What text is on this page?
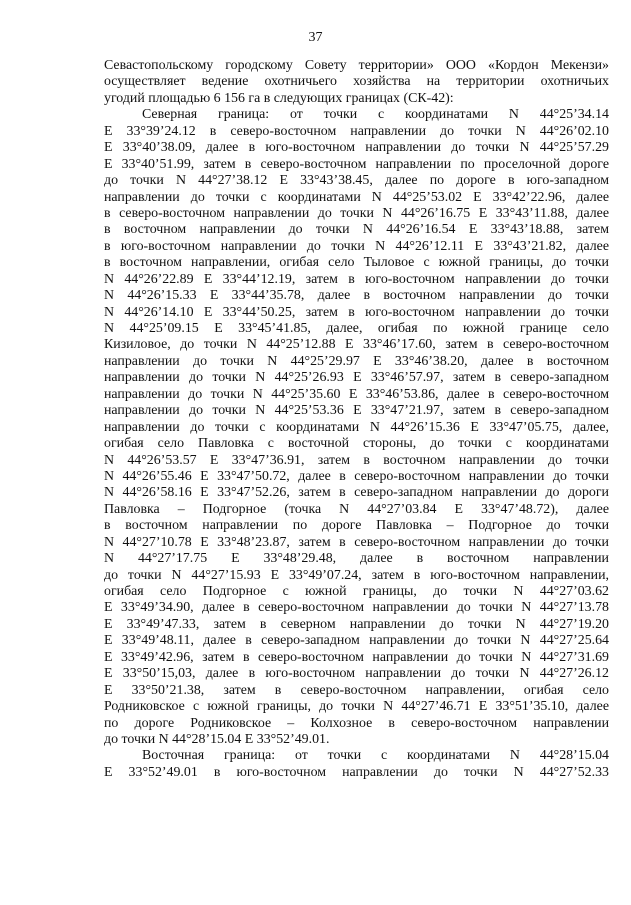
37
Севастопольскому городскому Совету территории» ООО «Кордон Мекензи»
осуществляет ведение охотничьего хозяйства на территории охотничьих
угодий площадью 6 156 га в следующих границах (СК-42):
Северная граница: от точки с координатами N 44°25’34.14
E 33°39’24.12 в северо-восточном направлении до точки N 44°26’02.10
E 33°40’38.09, далее в юго-восточном направлении до точки N 44°25’57.29
E 33°40’51.99, затем в северо-восточном направлении по проселочной дороге
до точки N 44°27’38.12 E 33°43’38.45, далее по дороге в юго-западном
направлении до точки с координатами N 44°25’53.02 E 33°42’22.96, далее
в северо-восточном направлении до точки N 44°26’16.75 E 33°43’11.88, далее
в восточном направлении до точки N 44°26’16.54 E 33°43’18.88, затем
в юго-восточном направлении до точки N 44°26’12.11 E 33°43’21.82, далее
в восточном направлении, огибая село Тыловое с южной границы, до точки
N 44°26’22.89 E 33°44’12.19, затем в юго-восточном направлении до точки
N 44°26’15.33 E 33°44’35.78, далее в восточном направлении до точки
N 44°26’14.10 E 33°44’50.25, затем в юго-восточном направлении до точки
N 44°25’09.15 E 33°45’41.85, далее, огибая по южной границе село
Кизиловое, до точки N 44°25’12.88 E 33°46’17.60, затем в северо-восточном
направлении до точки N 44°25’29.97 E 33°46’38.20, далее в восточном
направлении до точки N 44°25’26.93 E 33°46’57.97, затем в северо-западном
направлении до точки N 44°25’35.60 E 33°46’53.86, далее в северо-восточном
направлении до точки N 44°25’53.36 E 33°47’21.97, затем в северо-западном
направлении до точки с координатами N 44°26’15.36 E 33°47’05.75, далее,
огибая село Павловка с восточной стороны, до точки с координатами
N 44°26’53.57 E 33°47’36.91, затем в восточном направлении до точки
N 44°26’55.46 E 33°47’50.72, далее в северо-восточном направлении до точки
N 44°26’58.16 E 33°47’52.26, затем в северо-западном направлении до дороги
Павловка – Подгорное (точка N 44°27’03.84 E 33°47’48.72), далее
в восточном направлении по дороге Павловка – Подгорное до точки
N 44°27’10.78 E 33°48’23.87, затем в северо-восточном направлении до точки
N 44°27’17.75 E 33°48’29.48, далее в восточном направлении
до точки N 44°27’15.93 E 33°49’07.24, затем в юго-восточном направлении,
огибая село Подгорное с южной границы, до точки N 44°27’03.62
E 33°49’34.90, далее в северо-восточном направлении до точки N 44°27’13.78
E 33°49’47.33, затем в северном направлении до точки N 44°27’19.20
E 33°49’48.11, далее в северо-западном направлении до точки N 44°27’25.64
E 33°49’42.96, затем в северо-восточном направлении до точки N 44°27’31.69
E 33°50’15,03, далее в юго-восточном направлении до точки N 44°27’26.12
E 33°50’21.38, затем в северо-восточном направлении, огибая село
Родниковское с южной границы, до точки N 44°27’46.71 E 33°51’35.10, далее
по дороге Родниковское – Колхозное в северо-восточном направлении
до точки N 44°28’15.04 E 33°52’49.01.
Восточная граница: от точки с координатами N 44°28’15.04
E 33°52’49.01 в юго-восточном направлении до точки N 44°27’52.33
